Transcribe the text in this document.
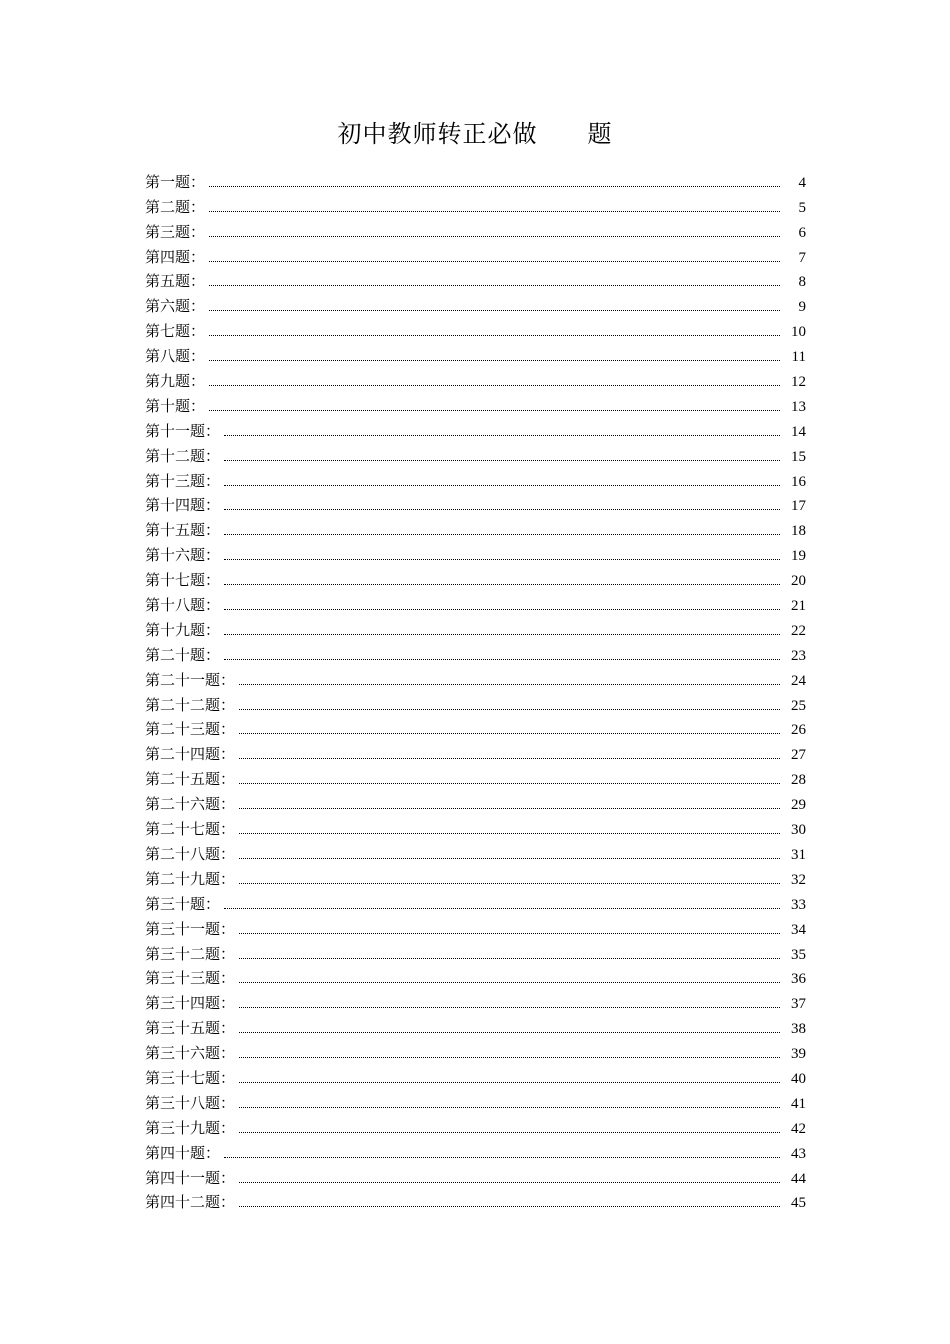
初中教师转正必做 题
第一题：	4
第二题：	5
第三题：	6
第四题：	7
第五题：	8
第六题：	9
第七题：	10
第八题：	11
第九题：	12
第十题：	13
第十一题：	14
第十二题：	15
第十三题：	16
第十四题：	17
第十五题：	18
第十六题：	19
第十七题：	20
第十八题：	21
第十九题：	22
第二十题：	23
第二十一题：	24
第二十二题：	25
第二十三题：	26
第二十四题：	27
第二十五题：	28
第二十六题：	29
第二十七题：	30
第二十八题：	31
第二十九题：	32
第三十题：	33
第三十一题：	34
第三十二题：	35
第三十三题：	36
第三十四题：	37
第三十五题：	38
第三十六题：	39
第三十七题：	40
第三十八题：	41
第三十九题：	42
第四十题：	43
第四十一题：	44
第四十二题：	45
